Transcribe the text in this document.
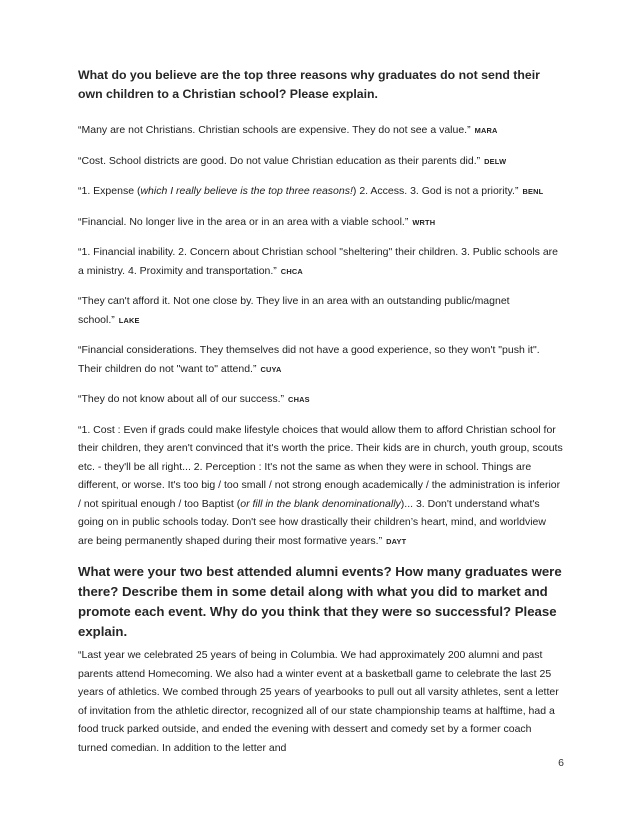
What do you believe are the top three reasons why graduates do not send their own children to a Christian school? Please explain.

“Many are not Christians. Christian schools are expensive. They do not see a value.” MARA

“Cost. School districts are good. Do not value Christian education as their parents did.” DELW

“1. Expense (which I really believe is the top three reasons!) 2. Access. 3. God is not a priority.” BENL

“Financial. No longer live in the area or in an area with a viable school.” WRTH

“1. Financial inability. 2. Concern about Christian school "sheltering" their children. 3. Public schools are a ministry. 4. Proximity and transportation.” CHCA

“They can't afford it. Not one close by. They live in an area with an outstanding public/magnet school.” LAKE

“Financial considerations. They themselves did not have a good experience, so they won't "push it". Their children do not "want to" attend.” CUYA

“They do not know about all of our success.” CHAS

“1. Cost : Even if grads could make lifestyle choices that would allow them to afford Christian school for their children, they aren't convinced that it's worth the price. Their kids are in church, youth group, scouts etc. - they'll be all right... 2. Perception : It's not the same as when they were in school. Things are different, or worse. It's too big / too small / not strong enough academically / the administration is inferior / not spiritual enough / too Baptist (or fill in the blank denominationally)... 3. Don't understand what's going on in public schools today. Don't see how drastically their children’s heart, mind, and worldview are being permanently shaped during their most formative years.” DAYT

What were your two best attended alumni events? How many graduates were there? Describe them in some detail along with what you did to market and promote each event. Why do you think that they were so successful? Please explain.

“Last year we celebrated 25 years of being in Columbia. We had approximately 200 alumni and past parents attend Homecoming. We also had a winter event at a basketball game to celebrate the last 25 years of athletics. We combed through 25 years of yearbooks to pull out all varsity athletes, sent a letter of invitation from the athletic director, recognized all of our state championship teams at halftime, had a food truck parked outside, and ended the evening with dessert and comedy set by a former coach turned comedian. In addition to the letter and

6
